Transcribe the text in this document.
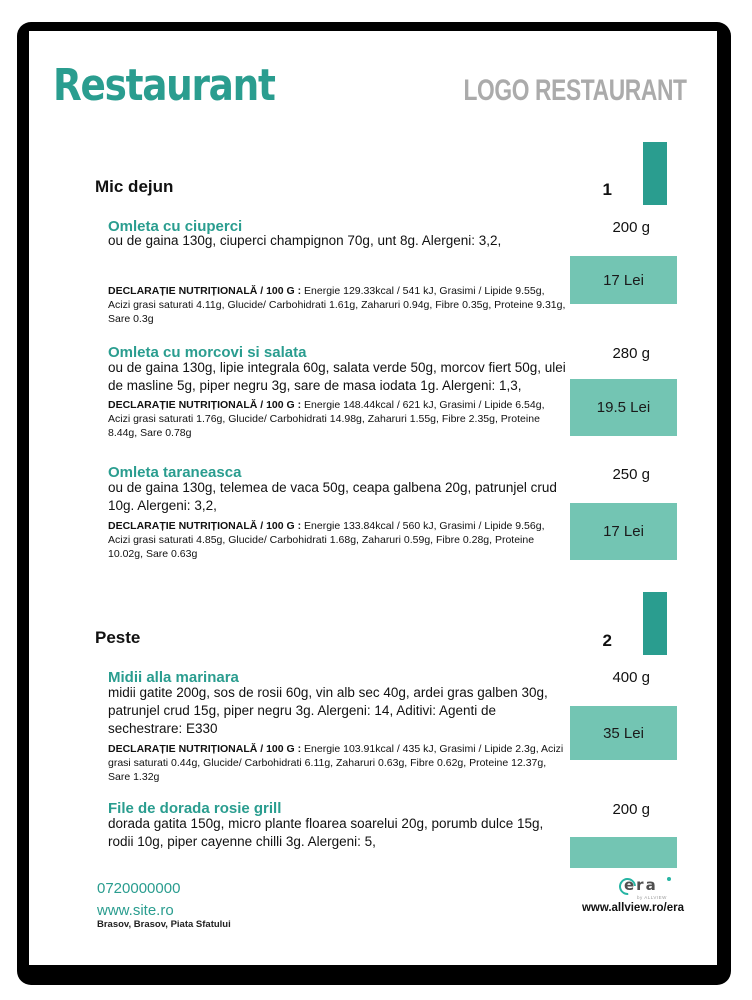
Restaurant	LOGO RESTAURANT
1
Mic dejun
Omleta cu ciuperci
ou de gaina 130g, ciuperci champignon 70g, unt 8g. Alergeni: 3,2,

DECLARAȚIE NUTRIȚIONALĂ / 100 G : Energie 129.33kcal / 541 kJ, Grasimi / Lipide 9.55g, Acizi grasi saturati 4.11g, Glucide/ Carbohidrati 1.61g, Zaharuri 0.94g, Fibre 0.35g, Proteine 9.31g, Sare 0.3g

200 g
17 Lei
Omleta cu morcovi si salata
ou de gaina 130g, lipie integrala 60g, salata verde 50g, morcov fiert 50g, ulei de masline 5g, piper negru 3g, sare de masa iodata 1g. Alergeni: 1,3,

DECLARAȚIE NUTRIȚIONALĂ / 100 G : Energie 148.44kcal / 621 kJ, Grasimi / Lipide 6.54g, Acizi grasi saturati 1.76g, Glucide/ Carbohidrati 14.98g, Zaharuri 1.55g, Fibre 2.35g, Proteine 8.44g, Sare 0.78g

280 g
19.5 Lei
Omleta taraneasca
ou de gaina 130g, telemea de vaca 50g, ceapa galbena 20g, patrunjel crud 10g. Alergeni: 3,2,

DECLARAȚIE NUTRIȚIONALĂ / 100 G : Energie 133.84kcal / 560 kJ, Grasimi / Lipide 9.56g, Acizi grasi saturati 4.85g, Glucide/ Carbohidrati 1.68g, Zaharuri 0.59g, Fibre 0.28g, Proteine 10.02g, Sare 0.63g

250 g
17 Lei
2
Peste
Midii alla marinara
midii gatite 200g, sos de rosii 60g, vin alb sec 40g, ardei gras galben 30g, patrunjel crud 15g, piper negru 3g. Alergeni: 14, Aditivi: Agenti de sechestrare: E330

DECLARAȚIE NUTRIȚIONALĂ / 100 G : Energie 103.91kcal / 435 kJ, Grasimi / Lipide 2.3g, Acizi grasi saturati 0.44g, Glucide/ Carbohidrati 6.11g, Zaharuri 0.63g, Fibre 0.62g, Proteine 12.37g, Sare 1.32g

400 g
35 Lei
File de dorada rosie grill
dorada gatita 150g, micro plante floarea soarelui 20g, porumb dulce 15g, rodii 10g, piper cayenne chilli 3g. Alergeni: 5,
200 g
0720000000
www.site.ro
Brasov, Brasov, Piata Sfatului
era
by ALLVIEW
www.allview.ro/era
